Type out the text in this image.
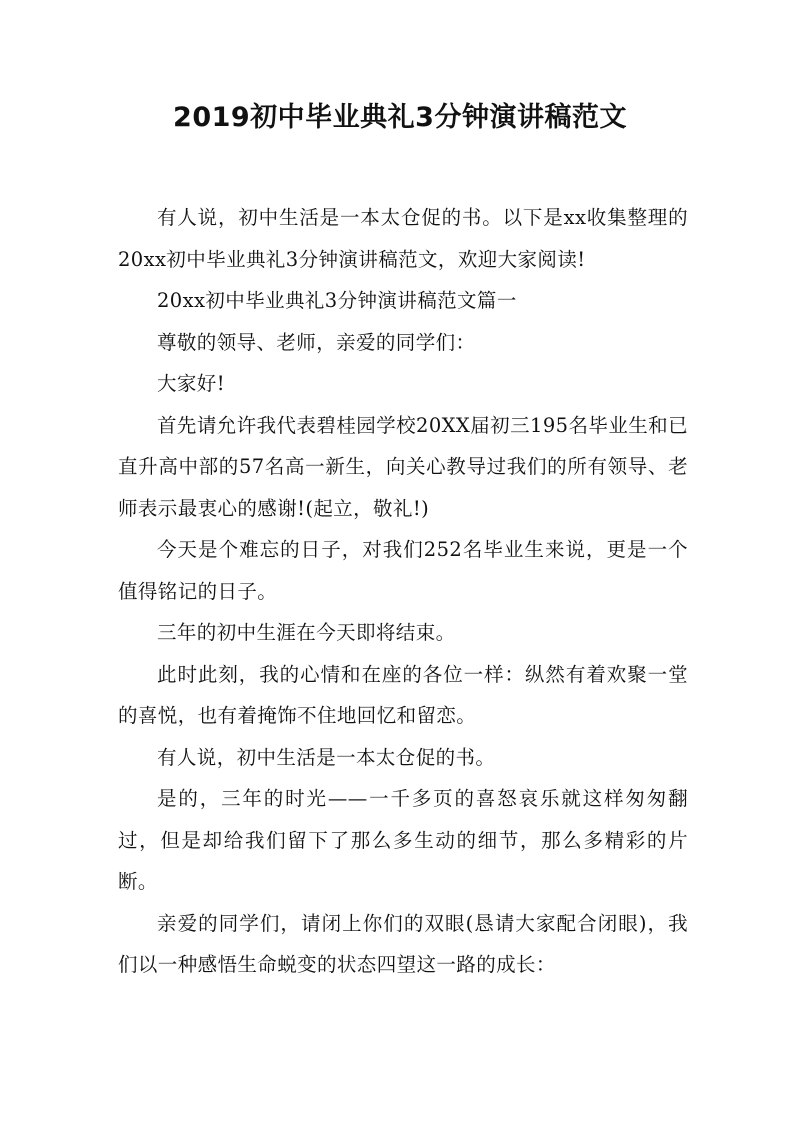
2019初中毕业典礼3分钟演讲稿范文

有人说，初中生活是一本太仓促的书。以下是xx收集整理的20xx初中毕业典礼3分钟演讲稿范文，欢迎大家阅读!

20xx初中毕业典礼3分钟演讲稿范文篇一

尊敬的领导、老师，亲爱的同学们：

大家好!

首先请允许我代表碧桂园学校20XX届初三195名毕业生和已直升高中部的57名高一新生，向关心教导过我们的所有领导、老师表示最衷心的感谢!(起立，敬礼!)

今天是个难忘的日子，对我们252名毕业生来说，更是一个值得铭记的日子。

三年的初中生涯在今天即将结束。

此时此刻，我的心情和在座的各位一样：纵然有着欢聚一堂的喜悦，也有着掩饰不住地回忆和留恋。

有人说，初中生活是一本太仓促的书。

是的，三年的时光——一千多页的喜怒哀乐就这样匆匆翻过，但是却给我们留下了那么多生动的细节，那么多精彩的片断。

亲爱的同学们，请闭上你们的双眼(恳请大家配合闭眼)，我们以一种感悟生命蜕变的状态四望这一路的成长：
